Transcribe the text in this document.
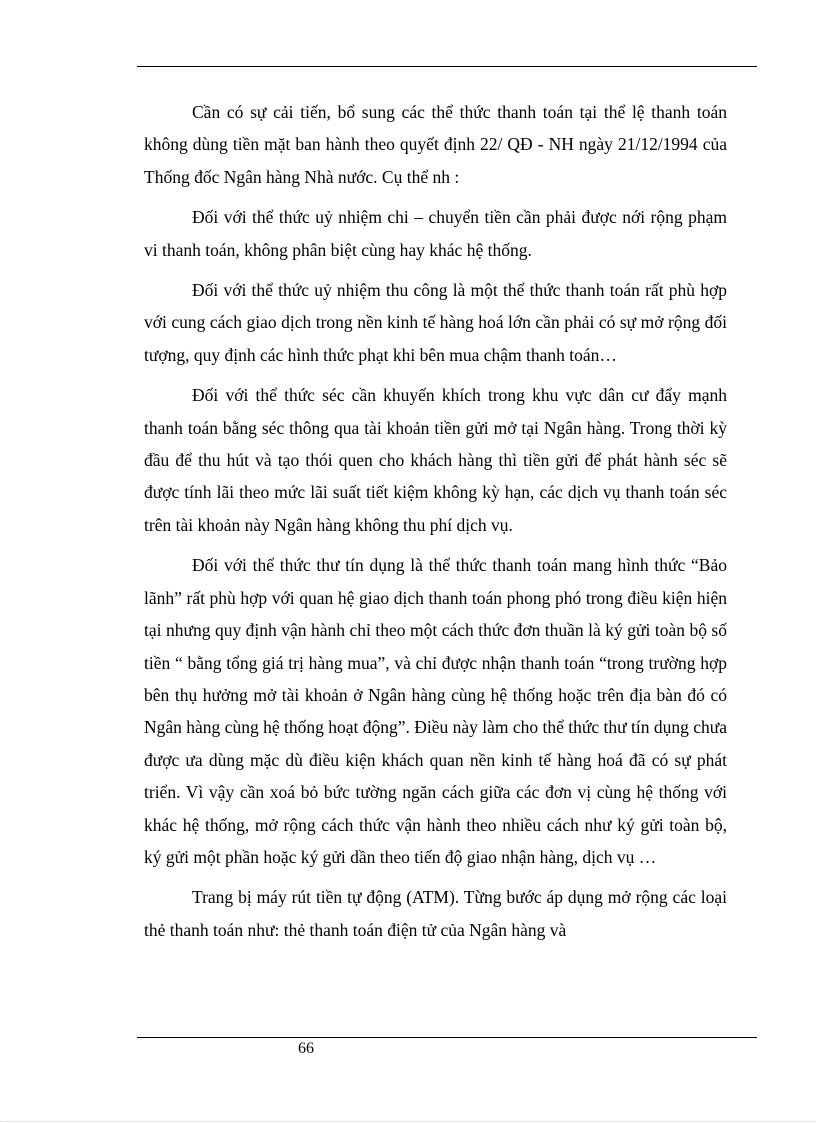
Cần có sự cải tiến, bổ sung các thể thức thanh toán tại thể lệ thanh toán không dùng tiền mặt ban hành theo quyết định 22/ QĐ - NH ngày 21/12/1994 của Thống đốc Ngân hàng Nhà nước. Cụ thể nh :

Đối với thể thức uỷ nhiệm chi – chuyển tiền cần phải được nới rộng phạm vi thanh toán, không phân biệt cùng hay khác hệ thống.

Đối với thể thức uỷ nhiệm thu công là một thể thức thanh toán rất phù hợp với cung cách giao dịch trong nền kinh tế hàng hoá lớn cần phải có sự mở rộng đối tượng, quy định các hình thức phạt khi bên mua chậm thanh toán…

Đối với thể thức séc cần khuyến khích trong khu vực dân cư đẩy mạnh thanh toán bằng séc thông qua tài khoản tiền gửi mở tại Ngân hàng. Trong thời kỳ đầu để thu hút và tạo thói quen cho khách hàng thì tiền gửi để phát hành séc sẽ được tính lãi theo mức lãi suất tiết kiệm không kỳ hạn, các dịch vụ thanh toán séc trên tài khoản này Ngân hàng không thu phí dịch vụ.

Đối với thể thức thư tín dụng là thể thức thanh toán mang hình thức “Bảo lãnh” rất phù hợp với quan hệ giao dịch thanh toán phong phó trong điều kiện hiện tại nhưng quy định vận hành chỉ theo một cách thức đơn thuần là ký gửi toàn bộ số tiền “ bằng tổng giá trị hàng mua”, và chỉ được nhận thanh toán “trong trường hợp bên thụ hưởng mở tài khoản ở Ngân hàng cùng hệ thống hoặc trên địa bàn đó có Ngân hàng cùng hệ thống hoạt động”. Điều này làm cho thể thức thư tín dụng chưa được ưa dùng mặc dù điều kiện khách quan nền kinh tế hàng hoá đã có sự phát triển. Vì vậy cần xoá bỏ bức tường ngăn cách giữa các đơn vị cùng hệ thống với khác hệ thống, mở rộng cách thức vận hành theo nhiều cách như ký gửi toàn bộ, ký gửi một phần hoặc ký gửi dần theo tiến độ giao nhận hàng, dịch vụ …

Trang bị máy rút tiền tự động (ATM). Từng bước áp dụng mở rộng các loại thẻ thanh toán như: thẻ thanh toán điện tử của Ngân hàng và

66
